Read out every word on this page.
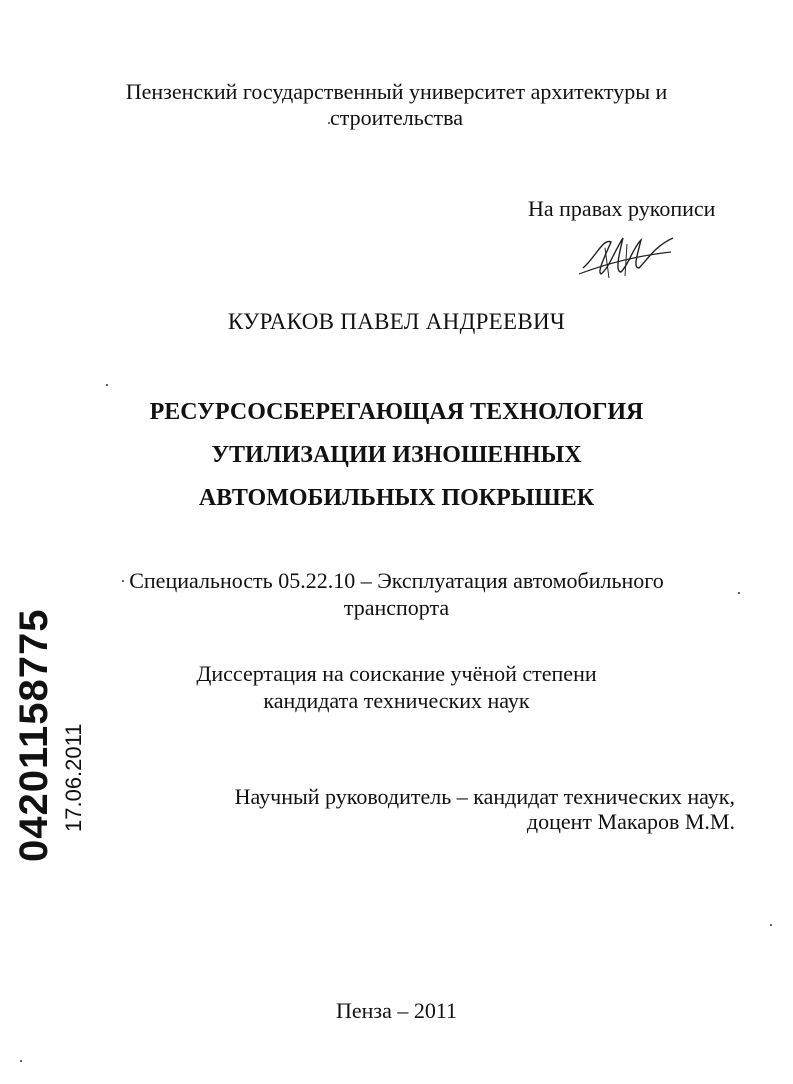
Пензенский государственный университет архитектуры и
строительства
На правах рукописи
КУРАКОВ ПАВЕЛ АНДРЕЕВИЧ
РЕСУРСОСБЕРЕГАЮЩАЯ ТЕХНОЛОГИЯ
УТИЛИЗАЦИИ ИЗНОШЕННЫХ
АВТОМОБИЛЬНЫХ ПОКРЫШЕК
Специальность 05.22.10 – Эксплуатация автомобильного
транспорта
Диссертация на соискание учёной степени
кандидата технических наук
Научный руководитель – кандидат технических наук,
доцент Макаров М.М.
Пенза – 2011
04201158775 17.06.2011
